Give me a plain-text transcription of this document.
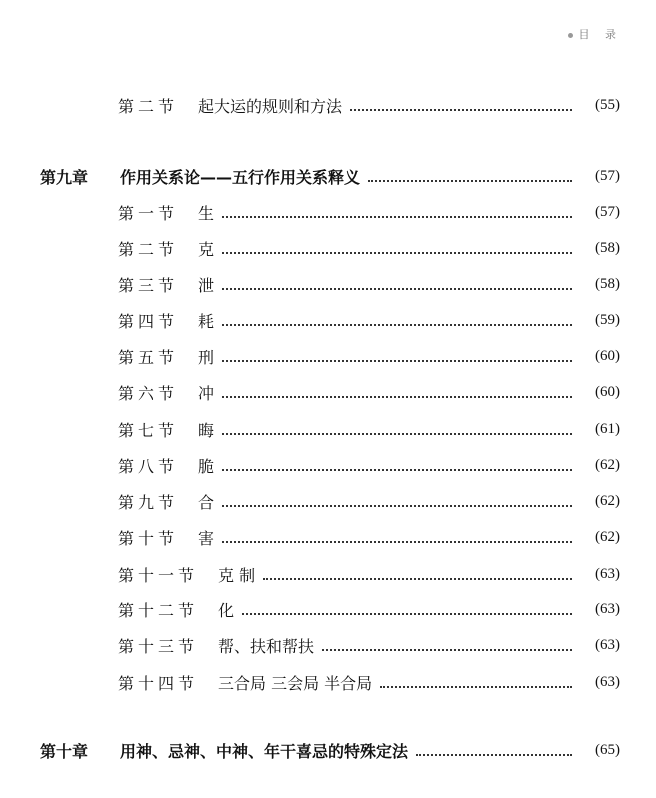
目 录
第二节	起大运的规则和方法	(55)
第九章	作用关系论——五行作用关系释义	(57)
第一节	生	(57)
第二节	克	(58)
第三节	泄	(58)
第四节	耗	(59)
第五节	刑	(60)
第六节	冲	(60)
第七节	晦	(61)
第八节	脆	(62)
第九节	合	(62)
第十节	害	(62)
第十一节	克 制	(63)
第十二节	化	(63)
第十三节	帮、扶和帮扶	(63)
第十四节	三合局 三会局 半合局	(63)
第十章	用神、忌神、中神、年干喜忌的特殊定法	(65)
